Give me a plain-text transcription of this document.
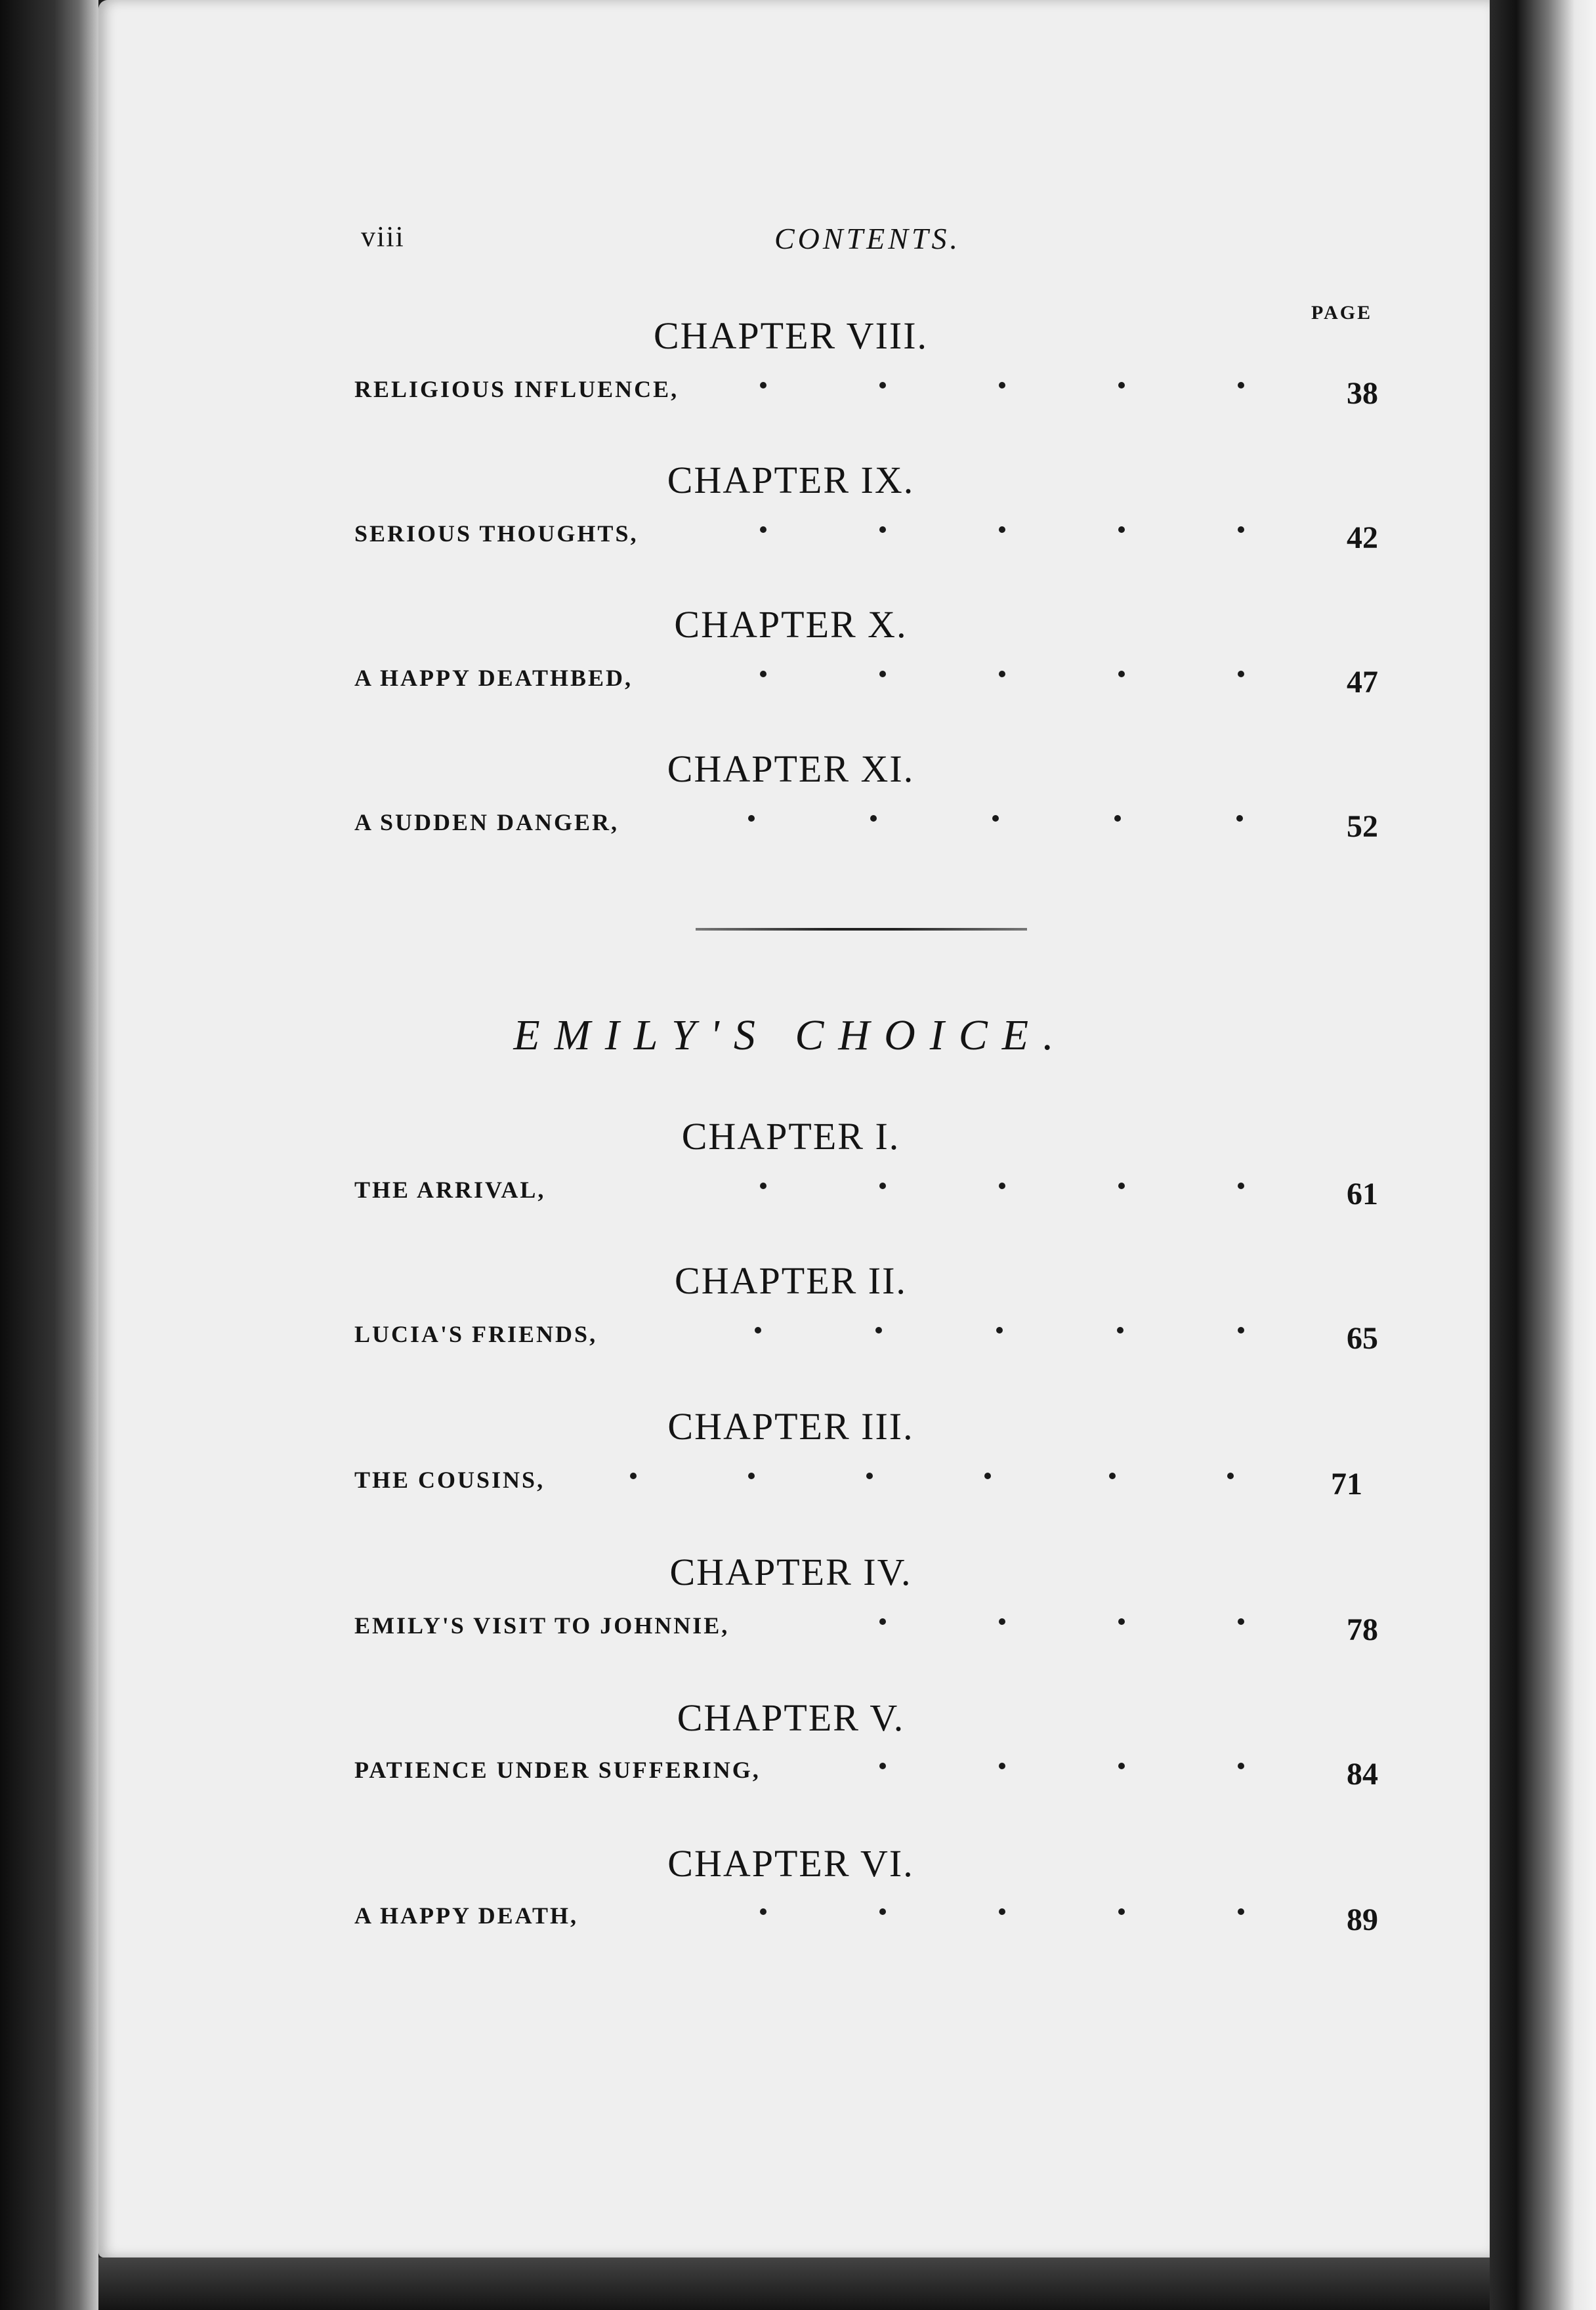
viii	CONTENTS.
PAGE
CHAPTER VIII.
RELIGIOUS INFLUENCE,	38
CHAPTER IX.
SERIOUS THOUGHTS,	42
CHAPTER X.
A HAPPY DEATHBED,	47
CHAPTER XI.
A SUDDEN DANGER,	52
EMILY'S CHOICE.
CHAPTER I.
THE ARRIVAL,	61
CHAPTER II.
LUCIA'S FRIENDS,	65
CHAPTER III.
THE COUSINS,	71
CHAPTER IV.
EMILY'S VISIT TO JOHNNIE,	78
CHAPTER V.
PATIENCE UNDER SUFFERING,	84
CHAPTER VI.
A HAPPY DEATH,	89
